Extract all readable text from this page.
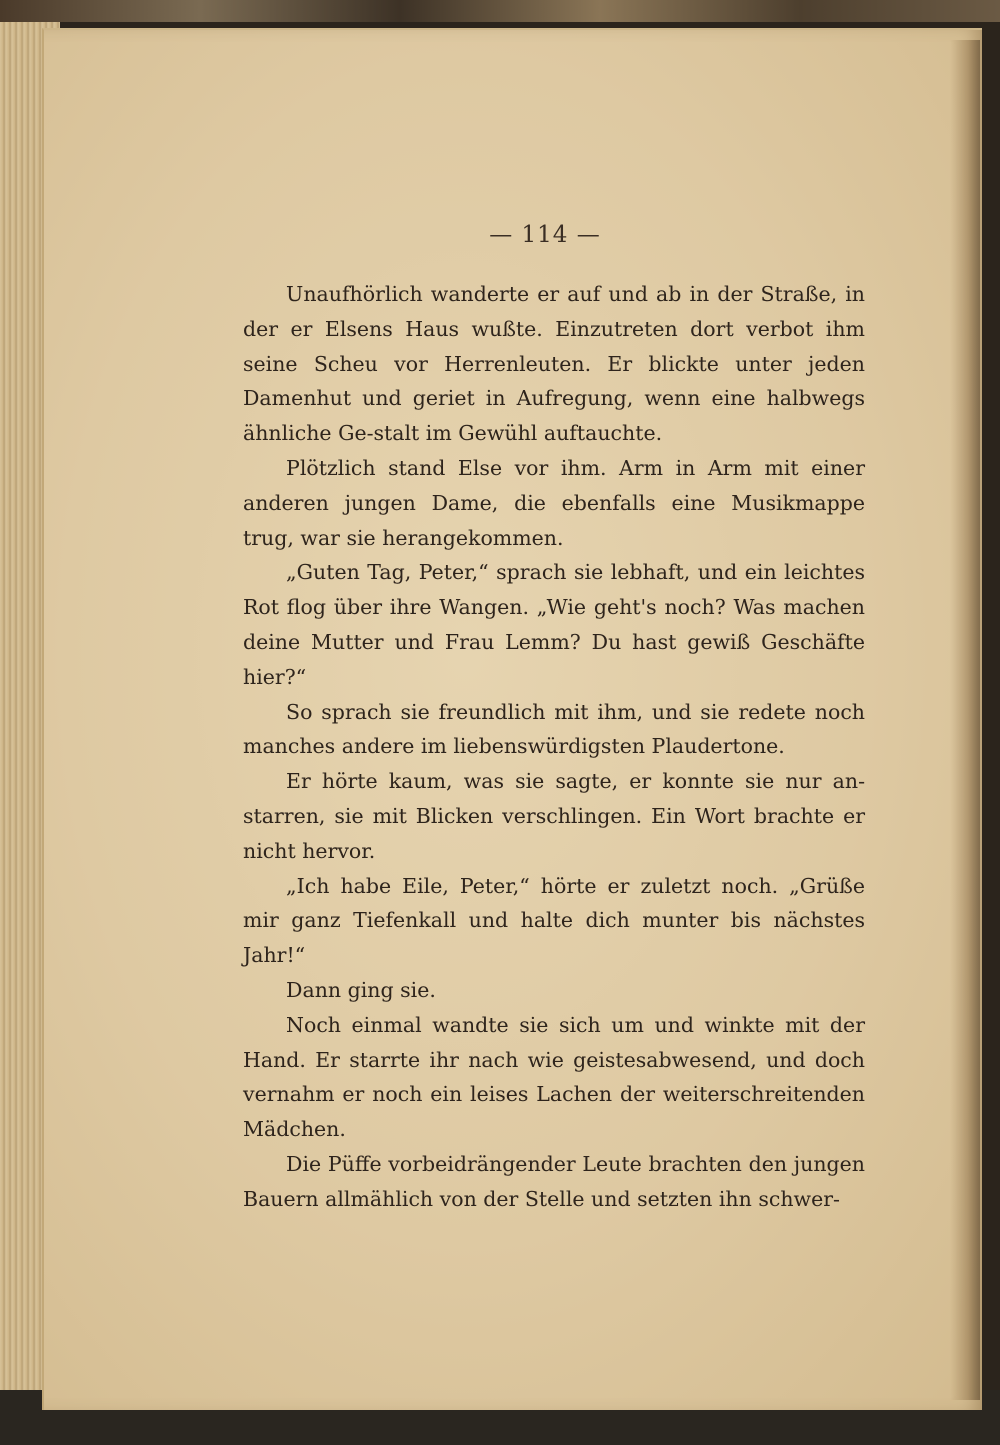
— 114 —

Unaufhörlich wanderte er auf und ab in der Straße, in der er Elsens Haus wußte. Einzutreten dort verbot ihm seine Scheu vor Herrenleuten. Er blickte unter jeden Damenhut und geriet in Aufregung, wenn eine halbwegs ähnliche Ge-stalt im Gewühl auftauchte.

Plötzlich stand Else vor ihm. Arm in Arm mit einer anderen jungen Dame, die ebenfalls eine Musikmappe trug, war sie herangekommen.

„Guten Tag, Peter,“ sprach sie lebhaft, und ein leichtes Rot flog über ihre Wangen. „Wie geht's noch? Was machen deine Mutter und Frau Lemm? Du hast gewiß Geschäfte hier?“

So sprach sie freundlich mit ihm, und sie redete noch manches andere im liebenswürdigsten Plaudertone.

Er hörte kaum, was sie sagte, er konnte sie nur an-starren, sie mit Blicken verschlingen. Ein Wort brachte er nicht hervor.

„Ich habe Eile, Peter,“ hörte er zuletzt noch. „Grüße mir ganz Tiefenkall und halte dich munter bis nächstes Jahr!“

Dann ging sie.

Noch einmal wandte sie sich um und winkte mit der Hand. Er starrte ihr nach wie geistesabwesend, und doch vernahm er noch ein leises Lachen der weiterschreitenden Mädchen.

Die Püffe vorbeidrängender Leute brachten den jungen Bauern allmählich von der Stelle und setzten ihn schwer-
